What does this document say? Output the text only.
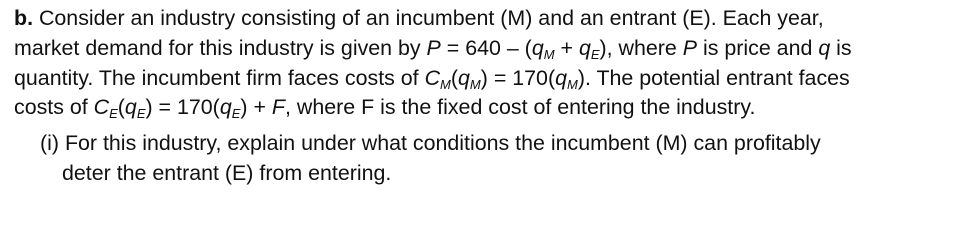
b. Consider an industry consisting of an incumbent (M) and an entrant (E). Each year,
market demand for this industry is given by $P = 640 - (q_M + q_E)$, where P is price and q is
quantity. The incumbent firm faces costs of $C_M(q_M) = 170(q_M)$. The potential entrant faces
costs of $C_E(q_E) = 170(q_E) + F$, where F is the fixed cost of entering the industry.
(i) For this industry, explain under what conditions the incumbent (M) can profitably
deter the entrant (E) from entering.
